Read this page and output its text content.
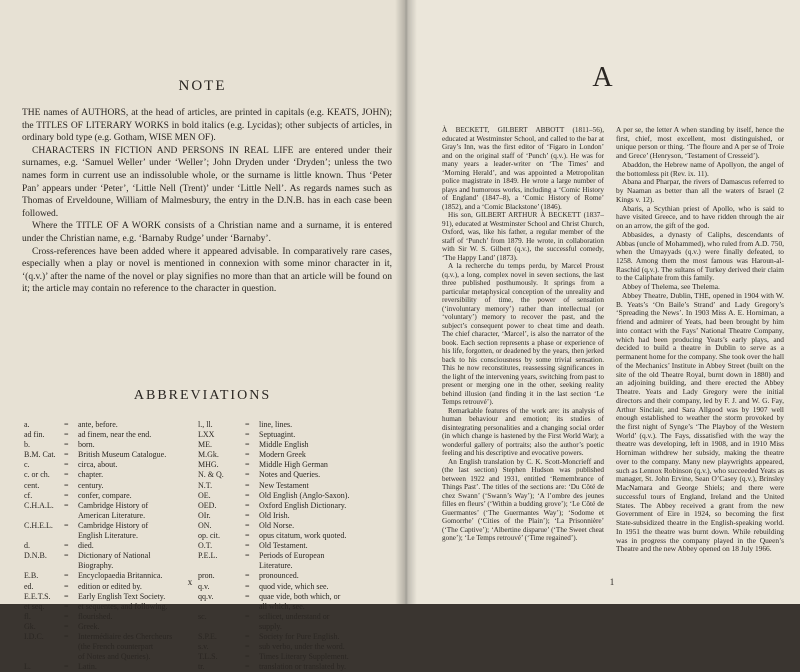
NOTE

THE names of AUTHORS, at the head of articles, are printed in capitals (e.g. KEATS, JOHN); the TITLES OF LITERARY WORKS in bold italics (e.g. Lycidas); other subjects of articles, in ordinary bold type (e.g. Gotham, WISE MEN OF).

CHARACTERS IN FICTION AND PERSONS IN REAL LIFE are entered under their surnames, e.g. ‘Samuel Weller’ under ‘Weller’; John Dryden under ‘Dryden’; unless the two names form in current use an indissoluble whole, or the surname is little known. Thus ‘Peter Pan’ appears under ‘Peter’, ‘Little Nell (Trent)’ under ‘Little Nell’. As regards names such as Thomas of Erveldoune, William of Malmesbury, the entry in the D.N.B. has in each case been followed.

Where the TITLE OF A WORK consists of a Christian name and a surname, it is entered under the Christian name, e.g. ‘Barnaby Rudge’ under ‘Barnaby’.

Cross-references have been added where it appeared advisable. In comparatively rare cases, especially when a play or novel is mentioned in connexion with some minor character in it, ‘(q.v.)’ after the name of the novel or play signifies no more than that an article will be found on it; the article may contain no reference to the character in question.

ABBREVIATIONS
a.	=	ante, before.
ad fin.	=	ad finem, near the end.
b.	=	born.
B.M. Cat.	=	British Museum Catalogue.
c.	=	circa, about.
c. or ch.	=	chapter.
cent.	=	century.
cf.	=	confer, compare.
C.H.A.L.	=	Cambridge History of
American Literature.
C.H.E.L.	=	Cambridge History of
English Literature.
d.	=	died.
D.N.B.	=	Dictionary of National
Biography.
E.B.	=	Encyclopaedia Britannica.
ed.	=	edition or edited by.
E.E.T.S.	=	Early English Text Society.
et seq.	=	et sequentes, and following.
fl.	=	flourished.
Gk.	=	Greek.
I.D.C.	=	Intermédiaire des Chercheurs
(the French counterpart
of Notes and Queries).
L.	=	Latin.
l., ll.	=	line, lines.
LXX	=	Septuagint.
ME.	=	Middle English
M.Gk.	=	Modern Greek
MHG.	=	Middle High German
N. & Q.	=	Notes and Queries.
N.T.	=	New Testament
OE.	=	Old English (Anglo-Saxon).
OED.	=	Oxford English Dictionary.
OIr.	=	Old Irish.
ON.	=	Old Norse.
op. cit.	=	opus citatum, work quoted.
O.T.	=	Old Testament.
P.E.L.	=	Periods of European
Literature.
pron.	=	pronounced.
q.v.	=	quod vide, which see.
qq.v.	=	quae vide, both which, or
all which, see.
sc.	=	scilicet, understand or
supply.
S.P.E.	=	Society for Pure English.
s.v.	=	sub verbo, under the word.
T.L.S.	=	Times Literary Supplement.
tr.	=	translation or translated by.
x
A

À BECKETT, GILBERT ABBOTT (1811–56), educated at Westminster School, and called to the bar at Gray’s Inn, was the first editor of ‘Figaro in London’ and on the original staff of ‘Punch’ (q.v.). He was for many years a leader-writer on ‘The Times’ and ‘Morning Herald’, and was appointed a Metropolitan police magistrate in 1849. He wrote a large number of plays and humorous works, including a ‘Comic History of England’ (1847–8), a ‘Comic History of Rome’ (1852), and a ‘Comic Blackstone’ (1846).

His son, GILBERT ARTHUR À BECKETT (1837–91), educated at Westminster School and Christ Church, Oxford, was, like his father, a regular member of the staff of ‘Punch’ from 1879. He wrote, in collaboration with Sir W. S. Gilbert (q.v.), the successful comedy, ‘The Happy Land’ (1873).

A la recherche du temps perdu, by Marcel Proust (q.v.), a long, complex novel in seven sections, the last three published posthumously. It springs from a particular metaphysical conception of the unreality and reversibility of time, the power of sensation (‘involuntary memory’) rather than intellectual (or ‘voluntary’) memory to recover the past, and the subject’s consequent power to cheat time and death. The chief character, ‘Marcel’, is also the narrator of the book. Each section represents a phase or experience of his life, forgotten, or deadened by the years, then jerked back to his consciousness by some trivial sensation. This he now reconstitutes, reassessing significances in the light of the intervening years, switching from past to present or merging one in the other, seeking reality behind illusion (and finding it in the last section ‘Le Temps retrouvé’).

Remarkable features of the work are: its analysis of human behaviour and emotion; its studies of disintegrating personalities and a changing social order (in which change is hastened by the First World War); a wonderful gallery of portraits; also the author’s poetic feeling and his descriptive and evocative powers.

An English translation by C. K. Scott-Moncrieff and (the last section) Stephen Hudson was published between 1922 and 1931, entitled ‘Remembrance of Things Past’. The titles of the sections are: ‘Du Côté de chez Swann’ (‘Swann’s Way’); ‘A l’ombre des jeunes filles en fleurs’ (‘Within a budding grove’); ‘Le Côté de Guermantes’ (‘The Guermantes Way’); ‘Sodome et Gomorrhe’ (‘Cities of the Plain’); ‘La Prisonnière’ (‘The Captive’); ‘Albertine disparue’ (‘The Sweet cheat gone’); ‘Le Temps retrouvé’ (‘Time regained’).

A per se, the letter A when standing by itself, hence the first, chief, most excellent, most distinguished, or unique person or thing. ‘The floure and A per se of Troie and Grece’ (Henryson, ‘Testament of Cresseid’).

Abaddon, the Hebrew name of Apollyon, the angel of the bottomless pit (Rev. ix. 11).

Abana and Pharpar, the rivers of Damascus referred to by Naaman as better than all the waters of Israel (2 Kings v. 12).

Abaris, a Scythian priest of Apollo, who is said to have visited Greece, and to have ridden through the air on an arrow, the gift of the god.

Abbasides, a dynasty of Caliphs, descendants of Abbas (uncle of Mohammed), who ruled from A.D. 750, when the Umayyads (q.v.) were finally defeated, to 1258. Among them the most famous was Haroun-al-Raschid (q.v.). The sultans of Turkey derived their claim to the Caliphate from this family.

Abbey of Thelema, see Thelema.

Abbey Theatre, Dublin, THE, opened in 1904 with W. B. Yeats’s ‘On Baile’s Strand’ and Lady Gregory’s ‘Spreading the News’. In 1903 Miss A. E. Horniman, a friend and admirer of Yeats, had been brought by him into contact with the Fays’ National Theatre Company, which had been producing Yeats’s early plays, and decided to build a theatre in Dublin to serve as a permanent home for the company. She took over the hall of the Mechanics’ Institute in Abbey Street (built on the site of the old Theatre Royal, burnt down in 1880) and an adjoining building, and there erected the Abbey Theatre. Yeats and Lady Gregory were the initial directors and their company, led by F. J. and W. G. Fay, Arthur Sinclair, and Sara Allgood was by 1907 well enough established to weather the storm provoked by the first night of Synge’s ‘The Playboy of the Western World’ (q.v.). The Fays, dissatisfied with the way the theatre was developing, left in 1908, and in 1910 Miss Horniman withdrew her subsidy, making the theatre over to the company. Many new playwrights appeared, such as Lennox Robinson (q.v.), who succeeded Yeats as manager, St. John Ervine, Sean O’Casey (q.v.), Brinsley MacNamara and George Shiels; and there were successful tours of England, Ireland and the United States. The Abbey received a grant from the new Government of Eire in 1924, so becoming the first State-subsidized theatre in the English-speaking world. In 1951 the theatre was burnt down. While rebuilding was in progress the company played in the Queen’s Theatre and the new Abbey opened on 18 July 1966.

1
